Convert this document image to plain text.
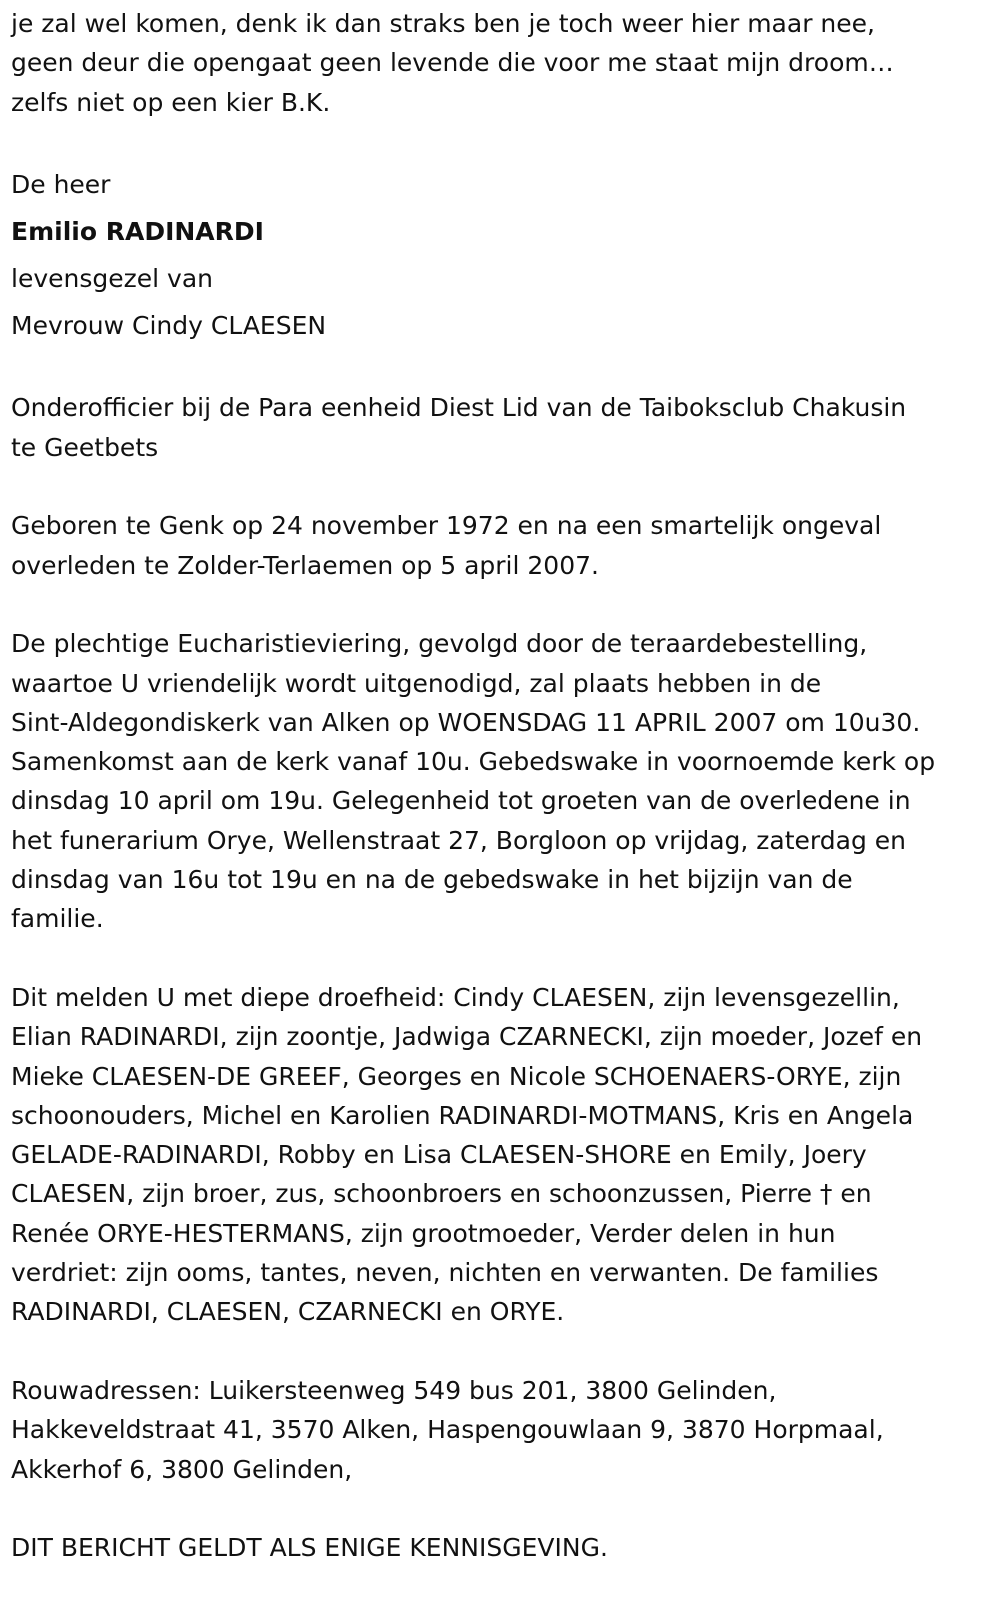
je zal wel komen, denk ik dan straks ben je toch weer hier maar nee,
geen deur die opengaat geen levende die voor me staat mijn droom…
zelfs niet op een kier B.K.

De heer

Emilio RADINARDI

levensgezel van

Mevrouw Cindy CLAESEN

Onderofficier bij de Para eenheid Diest Lid van de Taiboksclub Chakusin
te Geetbets

Geboren te Genk op 24 november 1972 en na een smartelijk ongeval
overleden te Zolder-Terlaemen op 5 april 2007.

De plechtige Eucharistieviering, gevolgd door de teraardebestelling,
waartoe U vriendelijk wordt uitgenodigd, zal plaats hebben in de
Sint-Aldegondiskerk van Alken op WOENSDAG 11 APRIL 2007 om 10u30.
Samenkomst aan de kerk vanaf 10u. Gebedswake in voornoemde kerk op
dinsdag 10 april om 19u. Gelegenheid tot groeten van de overledene in
het funerarium Orye, Wellenstraat 27, Borgloon op vrijdag, zaterdag en
dinsdag van 16u tot 19u en na de gebedswake in het bijzijn van de
familie.

Dit melden U met diepe droefheid: Cindy CLAESEN, zijn levensgezellin,
Elian RADINARDI, zijn zoontje, Jadwiga CZARNECKI, zijn moeder, Jozef en
Mieke CLAESEN-DE GREEF, Georges en Nicole SCHOENAERS-ORYE, zijn
schoonouders, Michel en Karolien RADINARDI-MOTMANS, Kris en Angela
GELADE-RADINARDI, Robby en Lisa CLAESEN-SHORE en Emily, Joery
CLAESEN, zijn broer, zus, schoonbroers en schoonzussen, Pierre † en
Renée ORYE-HESTERMANS, zijn grootmoeder, Verder delen in hun
verdriet: zijn ooms, tantes, neven, nichten en verwanten. De families
RADINARDI, CLAESEN, CZARNECKI en ORYE.

Rouwadressen: Luikersteenweg 549 bus 201, 3800 Gelinden,
Hakkeveldstraat 41, 3570 Alken, Haspengouwlaan 9, 3870 Horpmaal,
Akkerhof 6, 3800 Gelinden,

DIT BERICHT GELDT ALS ENIGE KENNISGEVING.
